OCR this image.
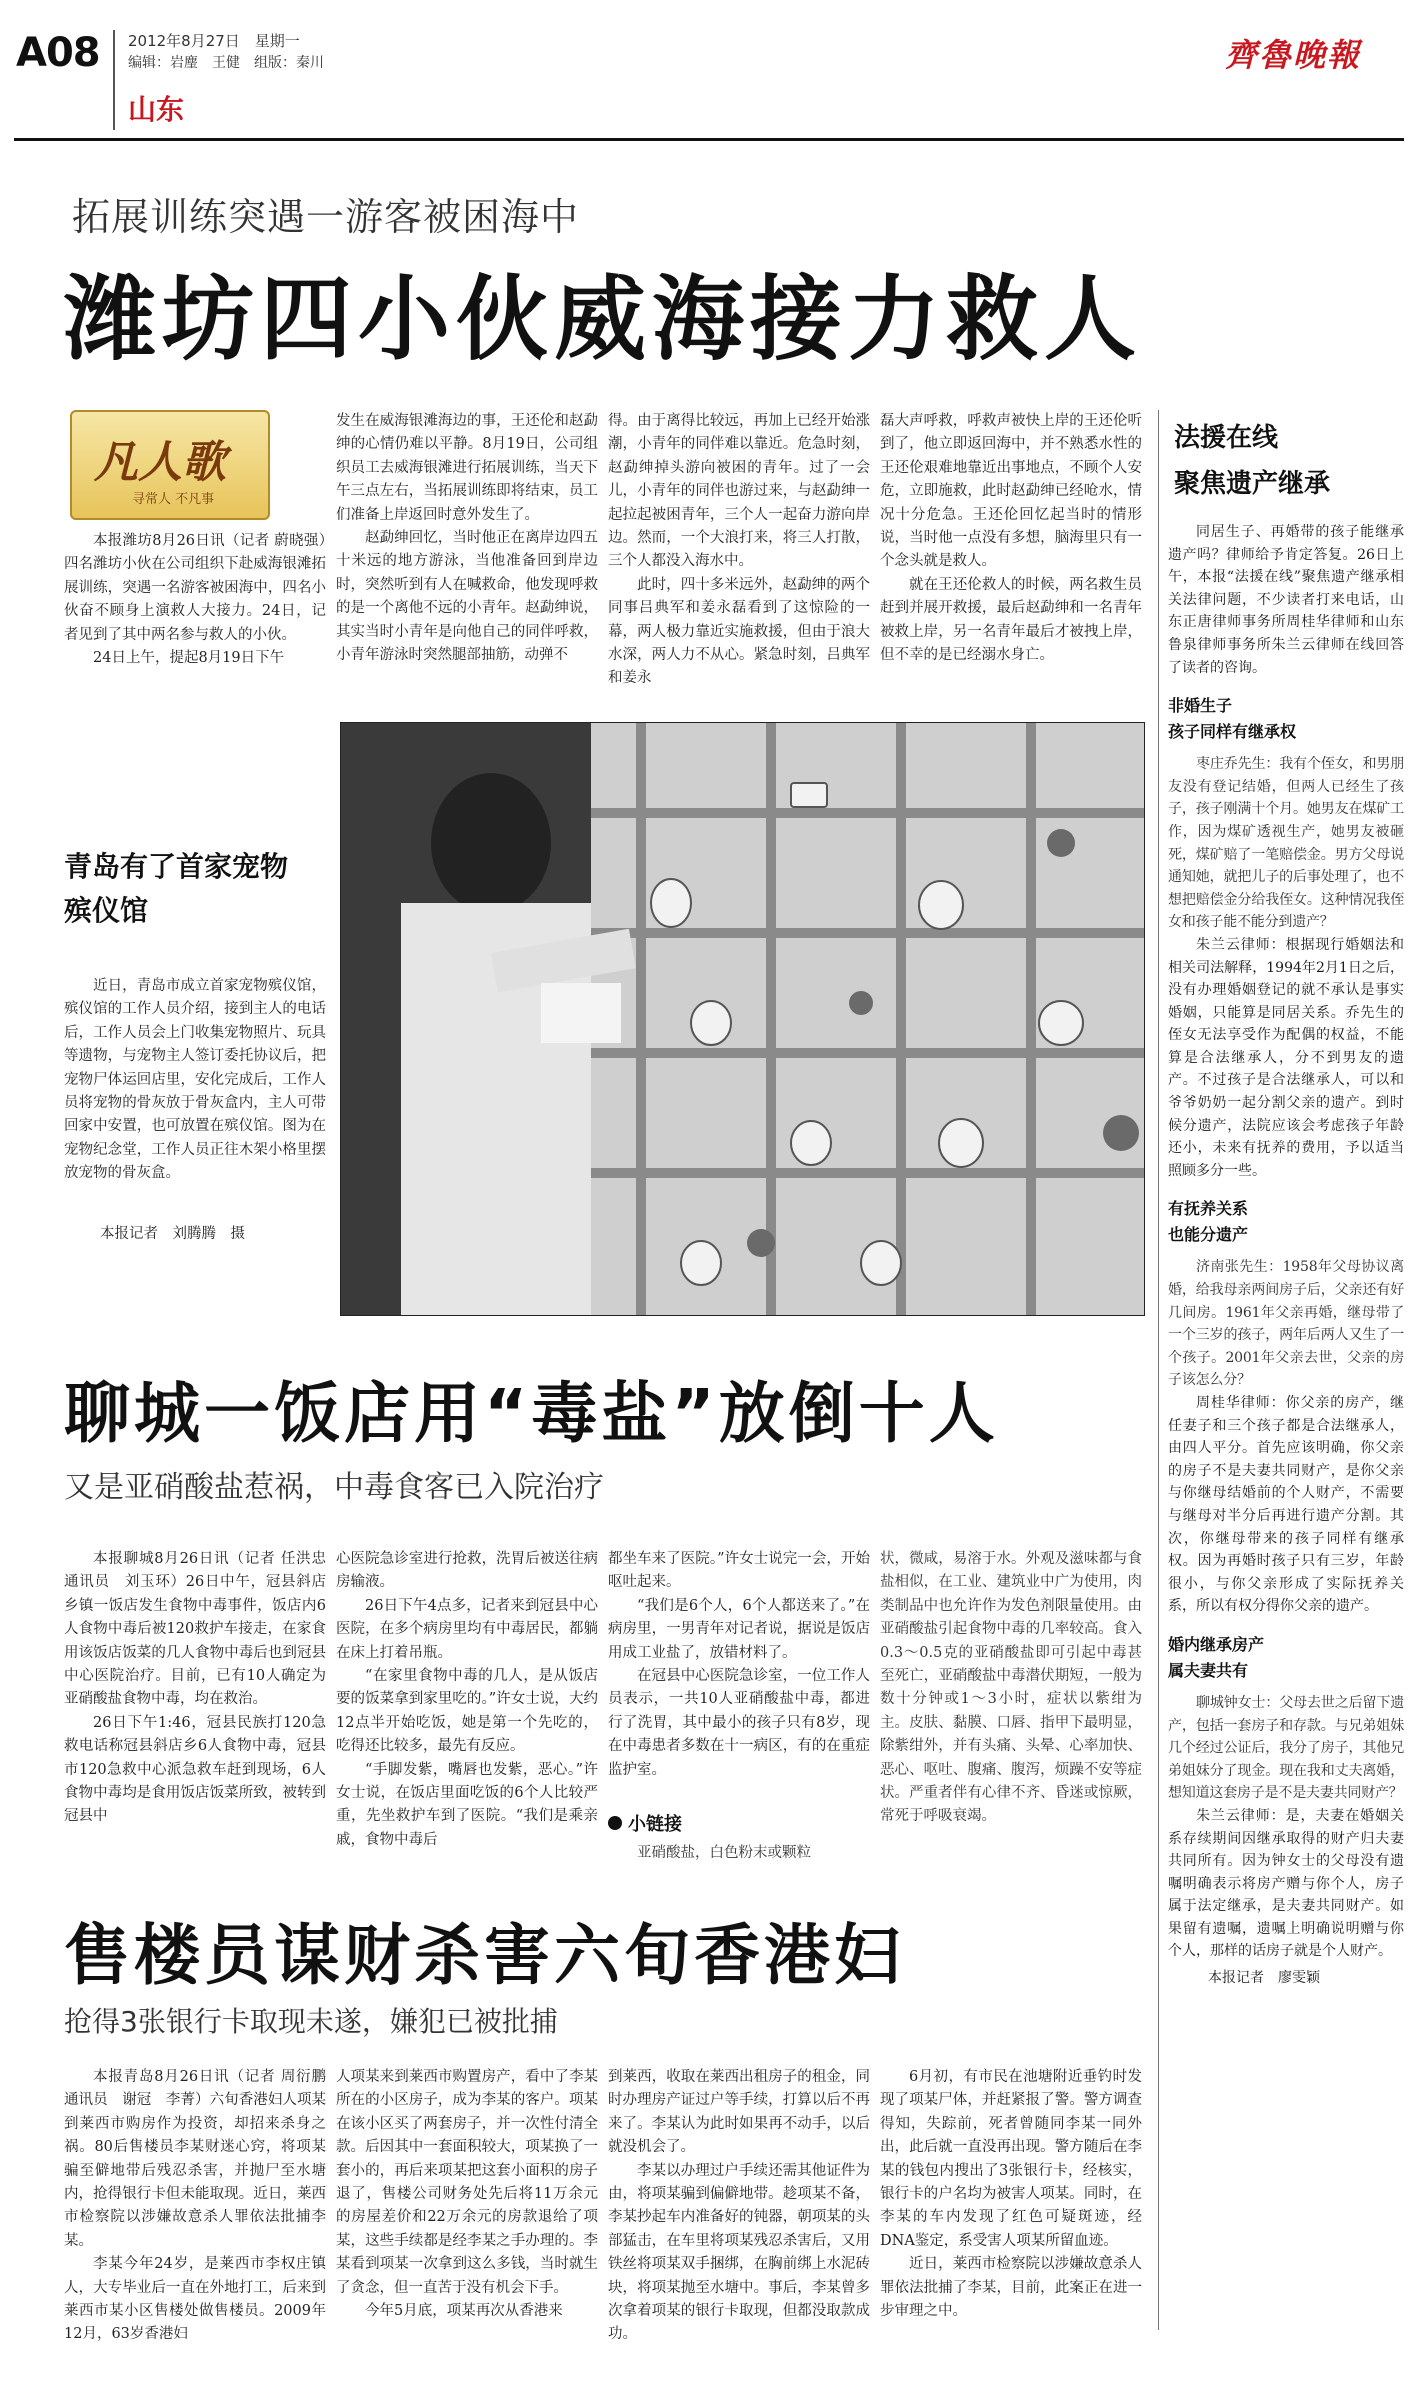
A08 2012年8月27日　星期一
编辑：岩麈　王健　组版：秦川
山东
齊魯晚報
拓展训练突遇一游客被困海中
潍坊四小伙威海接力救人
凡人歌
寻常人 不凡事

本报潍坊8月26日讯（记者 蔚晓强）四名潍坊小伙在公司组织下赴威海银滩拓展训练，突遇一名游客被困海中，四名小伙奋不顾身上演救人大接力。24日，记者见到了其中两名参与救人的小伙。

24日上午，提起8月19日下午

发生在威海银滩海边的事，王还伦和赵勐绅的心情仍难以平静。8月19日，公司组织员工去威海银滩进行拓展训练，当天下午三点左右，当拓展训练即将结束，员工们准备上岸返回时意外发生了。

赵勐绅回忆，当时他正在离岸边四五十米远的地方游泳，当他准备回到岸边时，突然听到有人在喊救命，他发现呼救的是一个离他不远的小青年。赵勐绅说，其实当时小青年是向他自己的同伴呼救，小青年游泳时突然腿部抽筋，动弹不

得。由于离得比较远，再加上已经开始涨潮，小青年的同伴难以靠近。危急时刻，赵勐绅掉头游向被困的青年。过了一会儿，小青年的同伴也游过来，与赵勐绅一起拉起被困青年，三个人一起奋力游向岸边。然而，一个大浪打来，将三人打散，三个人都没入海水中。

此时，四十多米远外，赵勐绅的两个同事吕典军和姜永磊看到了这惊险的一幕，两人极力靠近实施救援，但由于浪大水深，两人力不从心。紧急时刻，吕典军和姜永

磊大声呼救，呼救声被快上岸的王还伦听到了，他立即返回海中，并不熟悉水性的王还伦艰难地靠近出事地点，不顾个人安危，立即施救，此时赵勐绅已经呛水，情况十分危急。王还伦回忆起当时的情形说，当时他一点没有多想，脑海里只有一个念头就是救人。

就在王还伦救人的时候，两名救生员赶到并展开救援，最后赵勐绅和一名青年被救上岸，另一名青年最后才被拽上岸，但不幸的是已经溺水身亡。

青岛有了首家宠物殡仪馆

近日，青岛市成立首家宠物殡仪馆，殡仪馆的工作人员介绍，接到主人的电话后，工作人员会上门收集宠物照片、玩具等遗物，与宠物主人签订委托协议后，把宠物尸体运回店里，安化完成后，工作人员将宠物的骨灰放于骨灰盒内，主人可带回家中安置，也可放置在殡仪馆。图为在宠物纪念堂，工作人员正往木架小格里摆放宠物的骨灰盒。

本报记者　刘腾腾　摄
法援在线
聚焦遗产继承

同居生子、再婚带的孩子能继承遗产吗？律师给予肯定答复。26日上午，本报“法援在线”聚焦遗产继承相关法律问题，不少读者打来电话，山东正唐律师事务所周桂华律师和山东鲁泉律师事务所朱兰云律师在线回答了读者的咨询。

非婚生子
孩子同样有继承权

枣庄乔先生：我有个侄女，和男朋友没有登记结婚，但两人已经生了孩子，孩子刚满十个月。她男友在煤矿工作，因为煤矿透视生产，她男友被砸死，煤矿赔了一笔赔偿金。男方父母说通知她，就把儿子的后事处理了，也不想把赔偿金分给我侄女。这种情况我侄女和孩子能不能分到遗产？

朱兰云律师：根据现行婚姻法和相关司法解释，1994年2月1日之后，没有办理婚姻登记的就不承认是事实婚姻，只能算是同居关系。乔先生的侄女无法享受作为配偶的权益，不能算是合法继承人，分不到男友的遗产。不过孩子是合法继承人，可以和爷爷奶奶一起分割父亲的遗产。到时候分遗产，法院应该会考虑孩子年龄还小，未来有抚养的费用，予以适当照顾多分一些。

有抚养关系
也能分遗产

济南张先生：1958年父母协议离婚，给我母亲两间房子后，父亲还有好几间房。1961年父亲再婚，继母带了一个三岁的孩子，两年后两人又生了一个孩子。2001年父亲去世，父亲的房子该怎么分？

周桂华律师：你父亲的房产，继任妻子和三个孩子都是合法继承人，由四人平分。首先应该明确，你父亲的房子不是夫妻共同财产，是你父亲与你继母结婚前的个人财产，不需要与继母对半分后再进行遗产分割。其次，你继母带来的孩子同样有继承权。因为再婚时孩子只有三岁，年龄很小，与你父亲形成了实际抚养关系，所以有权分得你父亲的遗产。

婚内继承房产
属夫妻共有

聊城钟女士：父母去世之后留下遗产，包括一套房子和存款。与兄弟姐妹几个经过公证后，我分了房子，其他兄弟姐妹分了现金。现在我和丈夫离婚，想知道这套房子是不是夫妻共同财产？

朱兰云律师：是，夫妻在婚姻关系存续期间因继承取得的财产归夫妻共同所有。因为钟女士的父母没有遗嘱明确表示将房产赠与你个人，房子属于法定继承，是夫妻共同财产。如果留有遗嘱，遗嘱上明确说明赠与你个人，那样的话房子就是个人财产。

本报记者　廖雯颖

聊城一饭店用“毒盐”放倒十人
又是亚硝酸盐惹祸，中毒食客已入院治疗

本报聊城8月26日讯（记者 任洪忠　通讯员　刘玉环）26日中午，冠县斜店乡镇一饭店发生食物中毒事件，饭店内6人食物中毒后被120救护车接走，在家食用该饭店饭菜的几人食物中毒后也到冠县中心医院治疗。目前，已有10人确定为亚硝酸盐食物中毒，均在救治。

26日下午1:46，冠县民族打120急救电话称冠县斜店乡6人食物中毒，冠县市120急救中心派急救车赶到现场，6人食物中毒均是食用饭店饭菜所致，被转到冠县中

心医院急诊室进行抢救，洗胃后被送往病房输液。

26日下午4点多，记者来到冠县中心医院，在多个病房里均有中毒居民，都躺在床上打着吊瓶。

“在家里食物中毒的几人，是从饭店要的饭菜拿到家里吃的。”许女士说，大约12点半开始吃饭，她是第一个先吃的，吃得还比较多，最先有反应。

“手脚发紫，嘴唇也发紫，恶心。”许女士说，在饭店里面吃饭的6个人比较严重，先坐救护车到了医院。“我们是乘亲戚，食物中毒后

都坐车来了医院。”许女士说完一会，开始呕吐起来。

“我们是6个人，6个人都送来了。”在病房里，一男青年对记者说，据说是饭店用成工业盐了，放错材料了。

在冠县中心医院急诊室，一位工作人员表示，一共10人亚硝酸盐中毒，都进行了洗胃，其中最小的孩子只有8岁，现在中毒患者多数在十一病区，有的在重症监护室。

小链接

亚硝酸盐，白色粉末或颗粒

状，微咸，易溶于水。外观及滋味都与食盐相似，在工业、建筑业中广为使用，肉类制品中也允许作为发色剂限量使用。由亚硝酸盐引起食物中毒的几率较高。食入0.3～0.5克的亚硝酸盐即可引起中毒甚至死亡，亚硝酸盐中毒潜伏期短，一般为数十分钟或1～3小时，症状以紫绀为主。皮肤、黏膜、口唇、指甲下最明显，除紫绀外，并有头痛、头晕、心率加快、恶心、呕吐、腹痛、腹泻，烦躁不安等症状。严重者伴有心律不齐、昏迷或惊厥，常死于呼吸衰竭。

售楼员谋财杀害六旬香港妇
抢得3张银行卡取现未遂，嫌犯已被批捕

本报青岛8月26日讯（记者 周衍鹏　通讯员　谢冠　李菁）六旬香港妇人项某到莱西市购房作为投资，却招来杀身之祸。80后售楼员李某财迷心窍，将项某骗至僻地带后残忍杀害，并抛尸至水塘内，抢得银行卡但未能取现。近日，莱西市检察院以涉嫌故意杀人罪依法批捕李某。

李某今年24岁，是莱西市李权庄镇人，大专毕业后一直在外地打工，后来到莱西市某小区售楼处做售楼员。2009年12月，63岁香港妇

人项某来到莱西市购置房产，看中了李某所在的小区房子，成为李某的客户。项某在该小区买了两套房子，并一次性付清全款。后因其中一套面积较大，项某换了一套小的，再后来项某把这套小面积的房子退了，售楼公司财务处先后将11万余元的房屋差价和22万余元的房款退给了项某，这些手续都是经李某之手办理的。李某看到项某一次拿到这么多钱，当时就生了贪念，但一直苦于没有机会下手。

今年5月底，项某再次从香港来

到莱西，收取在莱西出租房子的租金，同时办理房产证过户等手续，打算以后不再来了。李某认为此时如果再不动手，以后就没机会了。

李某以办理过户手续还需其他证件为由，将项某骗到偏僻地带。趁项某不备，李某抄起车内准备好的钝器，朝项某的头部猛击，在车里将项某残忍杀害后，又用铁丝将项某双手捆绑，在胸前绑上水泥砖块，将项某抛至水塘中。事后，李某曾多次拿着项某的银行卡取现，但都没取款成功。

6月初，有市民在池塘附近垂钓时发现了项某尸体，并赶紧报了警。警方调查得知，失踪前，死者曾随同李某一同外出，此后就一直没再出现。警方随后在李某的钱包内搜出了3张银行卡，经核实，银行卡的户名均为被害人项某。同时，在李某的车内发现了红色可疑斑迹，经DNA鉴定，系受害人项某所留血迹。

近日，莱西市检察院以涉嫌故意杀人罪依法批捕了李某，目前，此案正在进一步审理之中。
